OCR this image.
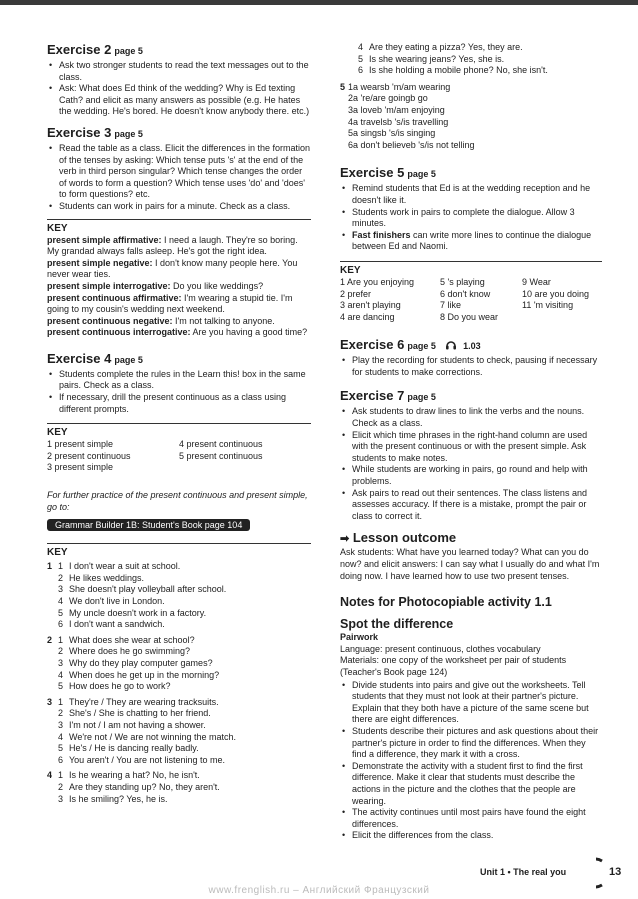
Exercise 2 page 5
• Ask two stronger students to read the text messages out to the class.
• Ask: What does Ed think of the wedding? Why is Ed texting Cath? and elicit as many answers as possible (e.g. He hates the wedding. He's bored. He doesn't know anybody there. etc.)
Exercise 3 page 5
• Read the table as a class. Elicit the differences in the formation of the tenses by asking: Which tense puts 's' at the end of the verb in third person singular? Which tense changes the order of words to form a question? Which tense uses 'do' and 'does' to form questions? etc.
• Students can work in pairs for a minute. Check as a class.
KEY
present simple affirmative: I need a laugh. They're so boring. My grandad always falls asleep. He's got the right idea.
present simple negative: I don't know many people here. You never wear ties.
present simple interrogative: Do you like weddings?
present continuous affirmative: I'm wearing a stupid tie. I'm going to my cousin's wedding next weekend.
present continuous negative: I'm not talking to anyone.
present continuous interrogative: Are you having a good time?
Exercise 4 page 5
• Students complete the rules in the Learn this! box in the same pairs. Check as a class.
• If necessary, drill the present continuous as a class using different prompts.
KEY
1 present simple
2 present continuous
3 present simple
4 present continuous
5 present continuous
For further practice of the present continuous and present simple, go to:
Grammar Builder 1B: Student's Book page 104
KEY
1 1 I don't wear a suit at school.
2 He likes weddings.
3 She doesn't play volleyball after school.
4 We don't live in London.
5 My uncle doesn't work in a factory.
6 I don't want a sandwich.
2 1 What does she wear at school?
2 Where does he go swimming?
3 Why do they play computer games?
4 When does he get up in the morning?
5 How does he go to work?
3 1 They're / They are wearing tracksuits.
2 She's / She is chatting to her friend.
3 I'm not / I am not having a shower.
4 We're not / We are not winning the match.
5 He's / He is dancing really badly.
6 You aren't / You are not listening to me.
4 1 Is he wearing a hat? No, he isn't.
2 Are they standing up? No, they aren't.
3 Is he smiling? Yes, he is.
4 Are they eating a pizza? Yes, they are.
5 Is she wearing jeans? Yes, she is.
6 Is she holding a mobile phone? No, she isn't.
5 1a wears b 'm/am wearing
2a 're/are going b go
3a love b 'm/am enjoying
4a travels b 's/is travelling
5a sings b 's/is singing
6a don't believe b 's/is not telling
Exercise 5 page 5
• Remind students that Ed is at the wedding reception and he doesn't like it.
• Students work in pairs to complete the dialogue. Allow 3 minutes.
• Fast finishers can write more lines to continue the dialogue between Ed and Naomi.
KEY
1 Are you enjoying
2 prefer
3 aren't playing
4 are dancing
5 's playing
6 don't know
7 like
8 Do you wear
9 Wear
10 are you doing
11 'm visiting
Exercise 6 page 5	1.03
• Play the recording for students to check, pausing if necessary for students to make corrections.
Exercise 7 page 5
• Ask students to draw lines to link the verbs and the nouns. Check as a class.
• Elicit which time phrases in the right-hand column are used with the present continuous or with the present simple. Ask students to make notes.
• While students are working in pairs, go round and help with problems.
• Ask pairs to read out their sentences. The class listens and assesses accuracy. If there is a mistake, prompt the pair or class to correct it.
➡ Lesson outcome
Ask students: What have you learned today? What can you do now? and elicit answers: I can say what I usually do and what I'm doing now. I have learned how to use two present tenses.
Notes for Photocopiable activity 1.1
Spot the difference
Pairwork
Language: present continuous, clothes vocabulary
Materials: one copy of the worksheet per pair of students (Teacher's Book page 124)
• Divide students into pairs and give out the worksheets. Tell students that they must not look at their partner's picture. Explain that they both have a picture of the same scene but there are eight differences.
• Students describe their pictures and ask questions about their partner's picture in order to find the differences. When they find a difference, they mark it with a cross.
• Demonstrate the activity with a student first to find the first difference. Make it clear that students must describe the actions in the picture and the clothes that the people are wearing.
• The activity continues until most pairs have found the eight differences.
• Elicit the differences from the class.
Unit 1 • The real you	13
www.frenglish.ru – Английский Французский
